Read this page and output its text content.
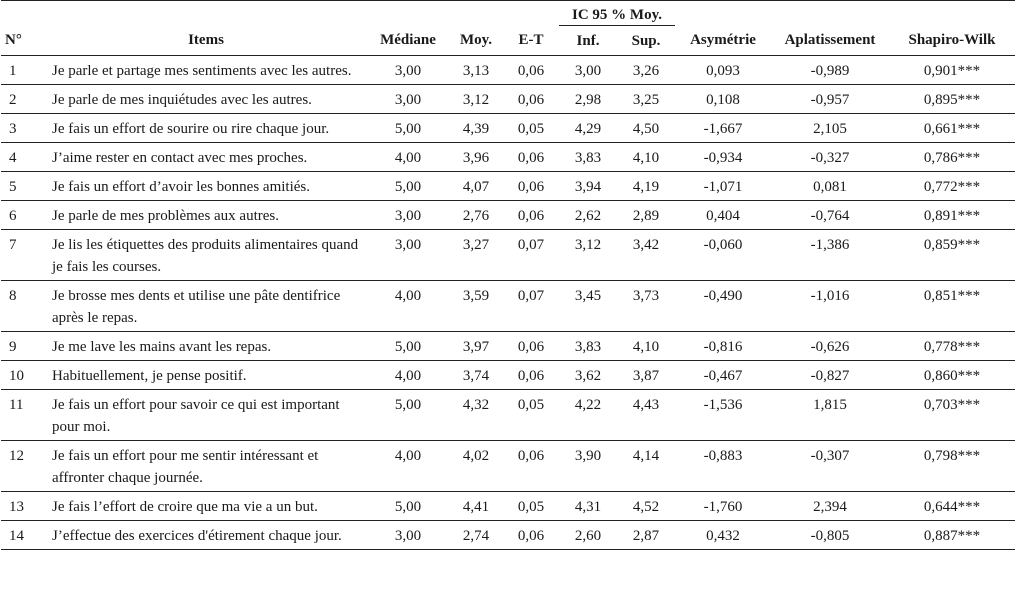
					IC 95 % Moy.				
N°	Items	Médiane	Moy.	E-T	Inf.	Sup.	Asymétrie	Aplatissement	Shapiro-Wilk
1	Je parle et partage mes sentiments avec les autres.	3,00	3,13	0,06	3,00	3,26	0,093	-0,989	0,901***
2	Je parle de mes inquiétudes avec les autres.	3,00	3,12	0,06	2,98	3,25	0,108	-0,957	0,895***
3	Je fais un effort de sourire ou rire chaque jour.	5,00	4,39	0,05	4,29	4,50	-1,667	2,105	0,661***
4	J’aime rester en contact avec mes proches.	4,00	3,96	0,06	3,83	4,10	-0,934	-0,327	0,786***
5	Je fais un effort d’avoir les bonnes amitiés.	5,00	4,07	0,06	3,94	4,19	-1,071	0,081	0,772***
6	Je parle de mes problèmes aux autres.	3,00	2,76	0,06	2,62	2,89	0,404	-0,764	0,891***
7	Je lis les étiquettes des produits alimentaires quand je fais les courses.	3,00	3,27	0,07	3,12	3,42	-0,060	-1,386	0,859***
8	Je brosse mes dents et utilise une pâte dentifrice après le repas.	4,00	3,59	0,07	3,45	3,73	-0,490	-1,016	0,851***
9	Je me lave les mains avant les repas.	5,00	3,97	0,06	3,83	4,10	-0,816	-0,626	0,778***
10	Habituellement, je pense positif.	4,00	3,74	0,06	3,62	3,87	-0,467	-0,827	0,860***
11	Je fais un effort pour savoir ce qui est important pour moi.	5,00	4,32	0,05	4,22	4,43	-1,536	1,815	0,703***
12	Je fais un effort pour me sentir intéressant et affronter chaque journée.	4,00	4,02	0,06	3,90	4,14	-0,883	-0,307	0,798***
13	Je fais l’effort de croire que ma vie a un but.	5,00	4,41	0,05	4,31	4,52	-1,760	2,394	0,644***
14	J’effectue des exercices d'étirement chaque jour.	3,00	2,74	0,06	2,60	2,87	0,432	-0,805	0,887***
